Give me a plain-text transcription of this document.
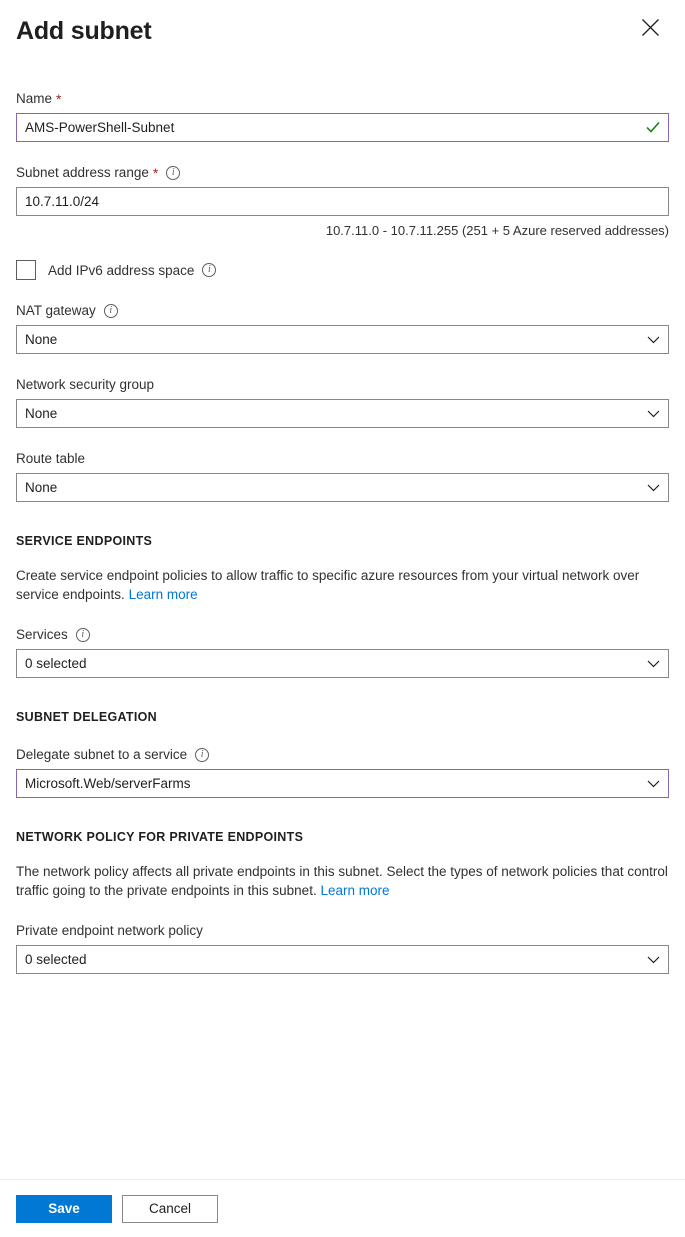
Add subnet
Name *
AMS-PowerShell-Subnet
Subnet address range *	i
10.7.11.0/24
10.7.11.0 - 10.7.11.255 (251 + 5 Azure reserved addresses)
Add IPv6 address space	i
NAT gateway	i
None
Network security group
None
Route table
None
SERVICE ENDPOINTS

Create service endpoint policies to allow traffic to specific azure resources from your virtual network over service endpoints. Learn more

Services	i
0 selected
SUBNET DELEGATION
Delegate subnet to a service	i
Microsoft.Web/serverFarms
NETWORK POLICY FOR PRIVATE ENDPOINTS

The network policy affects all private endpoints in this subnet. Select the types of network policies that control traffic going to the private endpoints in this subnet. Learn more

Private endpoint network policy
0 selected
Save	Cancel
